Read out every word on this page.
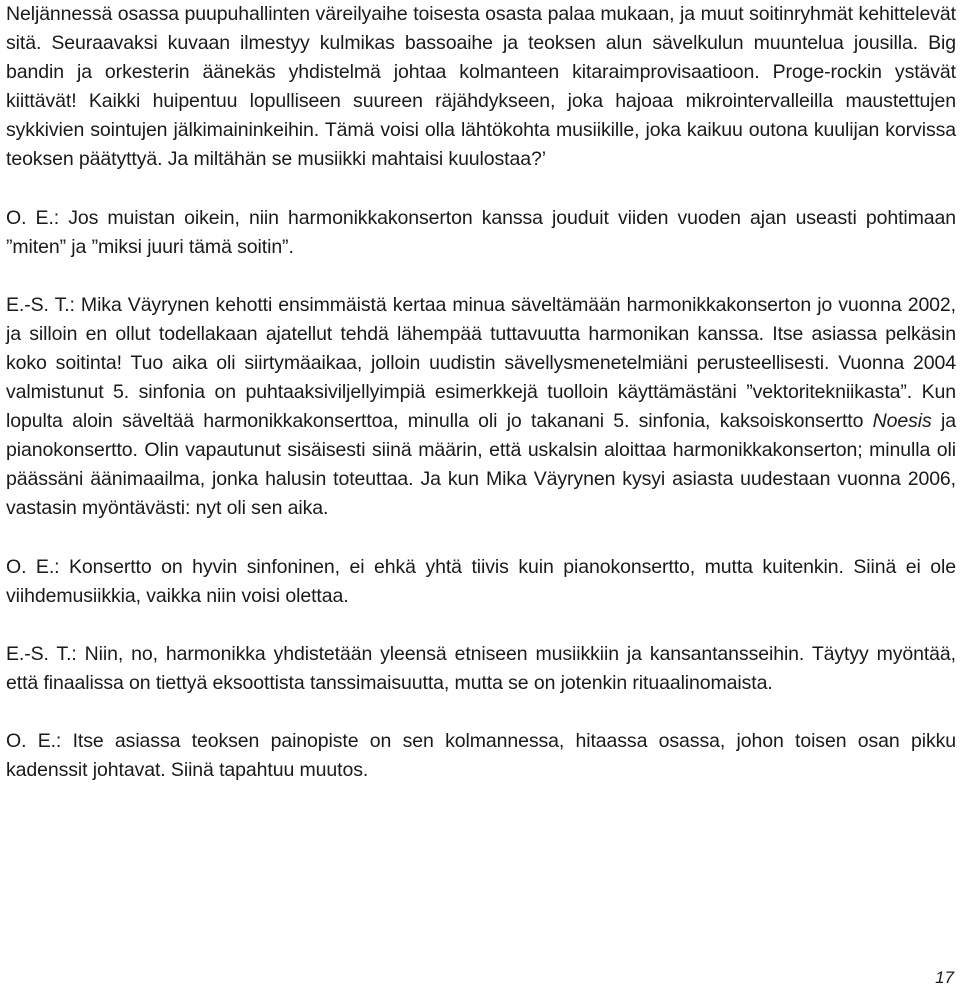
Neljännessä osassa puupuhallinten väreilyaihe toisesta osasta palaa mukaan, ja muut soitinryhmät kehittelevät sitä. Seuraavaksi kuvaan ilmestyy kulmikas bassoaihe ja teoksen alun sävelkulun muuntelua jousilla. Big bandin ja orkesterin äänekäs yhdistelmä johtaa kolmanteen kitaraimprovisaatioon. Proge-rockin ystävät kiittävät! Kaikki huipentuu lopulliseen suureen räjähdykseen, joka hajoaa mikrointervalleilla maustettujen sykkivien sointujen jälkimaininkeihin. Tämä voisi olla lähtökohta musiikille, joka kaikuu outona kuulijan korvissa teoksen päätyttyä. Ja miltähän se musiikki mahtaisi kuulostaa?’

O. E.: Jos muistan oikein, niin harmonikkakonserton kanssa jouduit viiden vuoden ajan useasti pohtimaan ”miten” ja ”miksi juuri tämä soitin”.

E.-S. T.: Mika Väyrynen kehotti ensimmäistä kertaa minua säveltämään harmonikkakonserton jo vuonna 2002, ja silloin en ollut todellakaan ajatellut tehdä lähempää tuttavuutta harmonikan kanssa. Itse asiassa pelkäsin koko soitinta! Tuo aika oli siirtymäaikaa, jolloin uudistin sävellysmenetelmiäni perusteellisesti. Vuonna 2004 valmistunut 5. sinfonia on puhtaaksiviljellyimpiä esimerkkejä tuolloin käyttämästäni ”vektoritekniikasta”. Kun lopulta aloin säveltää harmonikkakonserttoa, minulla oli jo takanani 5. sinfonia, kaksoiskonsertto Noesis ja pianokonsertto. Olin vapautunut sisäisesti siinä määrin, että uskalsin aloittaa harmonikkakonserton; minulla oli päässäni äänimaailma, jonka halusin toteuttaa. Ja kun Mika Väyrynen kysyi asiasta uudestaan vuonna 2006, vastasin myöntävästi: nyt oli sen aika.

O. E.: Konsertto on hyvin sinfoninen, ei ehkä yhtä tiivis kuin pianokonsertto, mutta kuitenkin. Siinä ei ole viihdemusiikkia, vaikka niin voisi olettaa.

E.-S. T.: Niin, no, harmonikka yhdistetään yleensä etniseen musiikkiin ja kansantansseihin. Täytyy myöntää, että finaalissa on tiettyä eksoottista tanssimaisuutta, mutta se on jotenkin rituaalinomaista.

O. E.: Itse asiassa teoksen painopiste on sen kolmannessa, hitaassa osassa, johon toisen osan pikku kadenssit johtavat. Siinä tapahtuu muutos.

17
